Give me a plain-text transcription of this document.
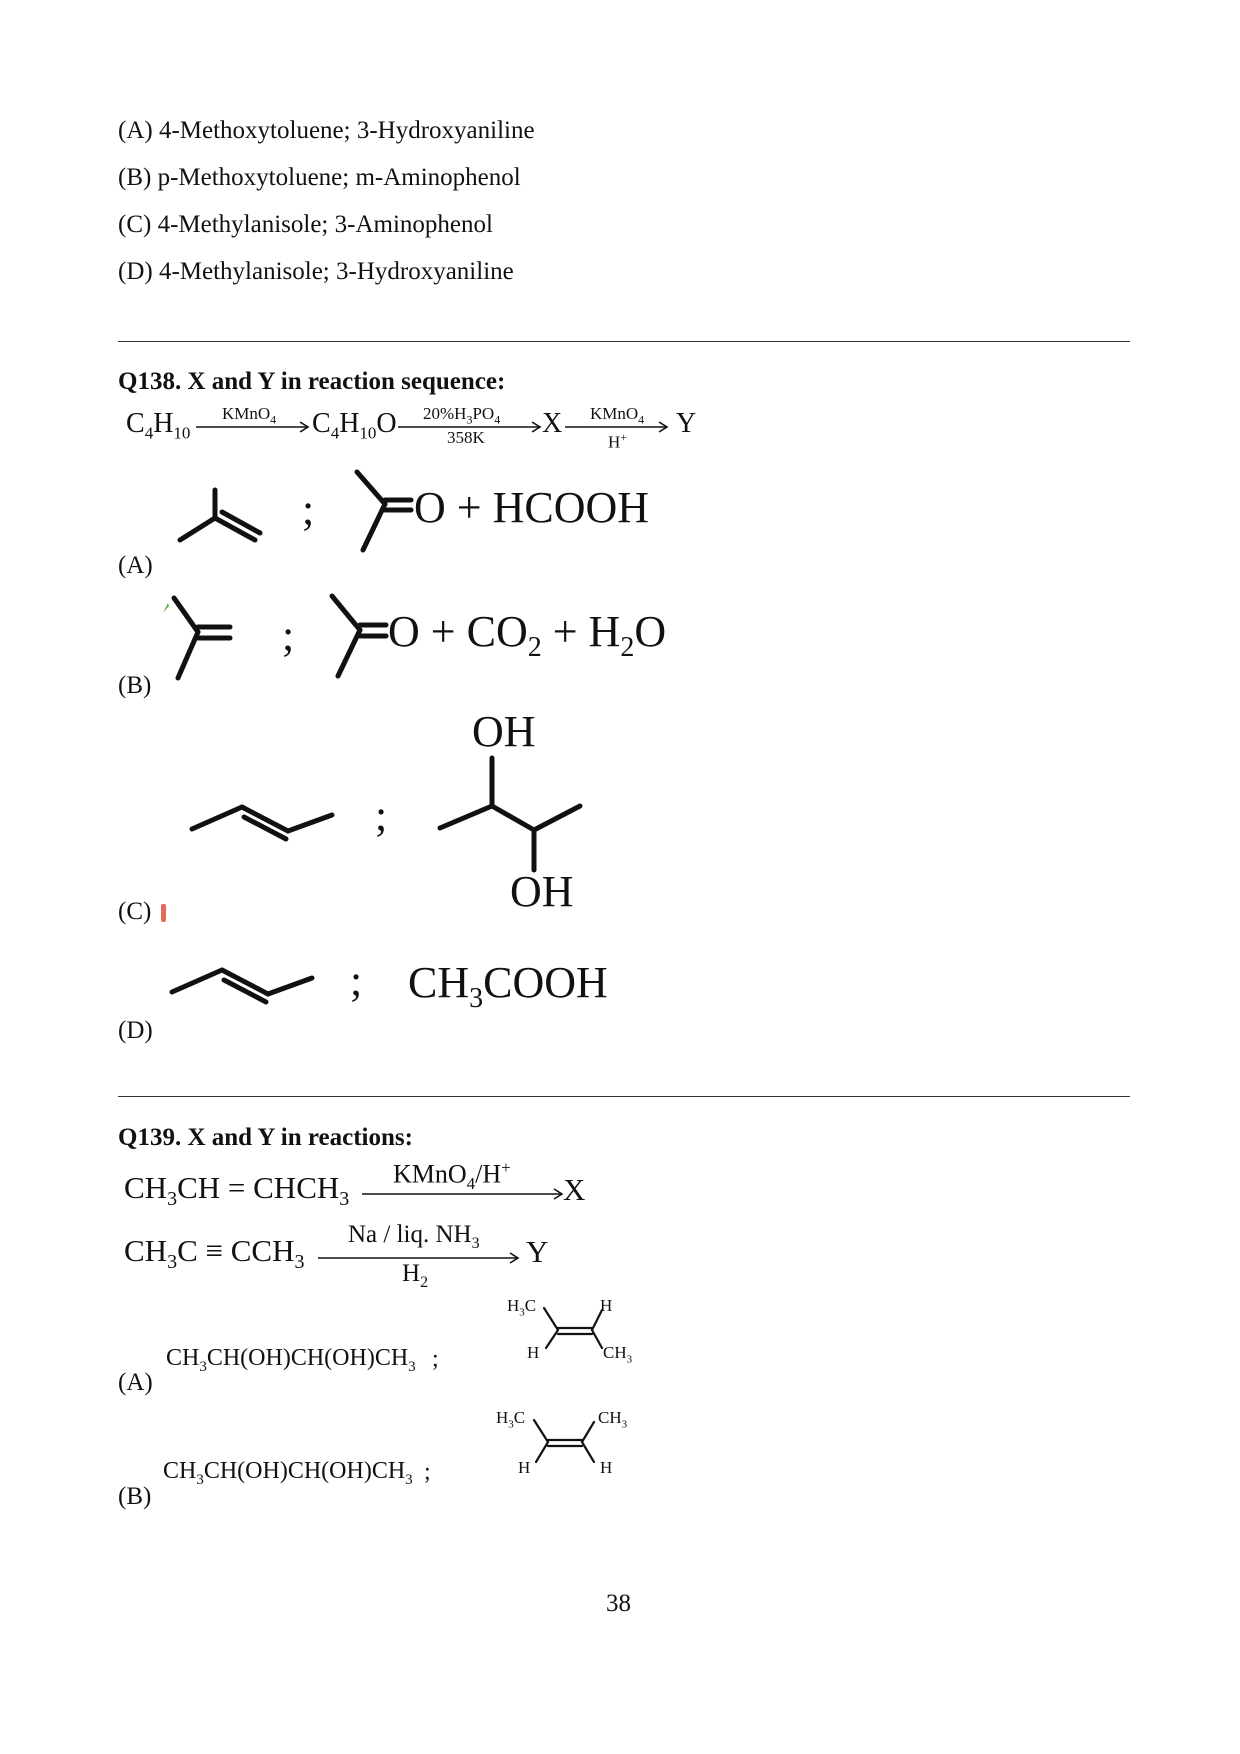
(A) 4-Methoxytoluene; 3-Hydroxyaniline
(B) p-Methoxytoluene; m-Aminophenol
(C) 4-Methylanisole; 3-Aminophenol
(D) 4-Methylanisole; 3-Hydroxyaniline
Q138. X and Y in reaction sequence:
$C_4H_{10}$
KMnO$_4$ $C_4H_{10}O$ $20\%H_3PO_4$
358K X KMnO$_4$
H+ Y
(A)
; O + HCOOH
(B)
; $O + CO_2 + H_2O$
(C)
;
OH
OH
(D)
; $CH_3COOH$
Q139. X and Y in reactions:
$CH_3CH$ = $CHCH_3$
KMnO$_4$/H+
X
$CH_3C \equiv CCH_3$
Na / liq. $NH_3$
$H_2$
Y
(A)
$CH_3CH(OH)CH(OH)CH_3$ ;
$H_3C$	H
H	$CH_3$
(B)
$CH_3CH(OH)CH(OH)CH_3$ ;
$H_3C$	$CH_3$
H	H
38
